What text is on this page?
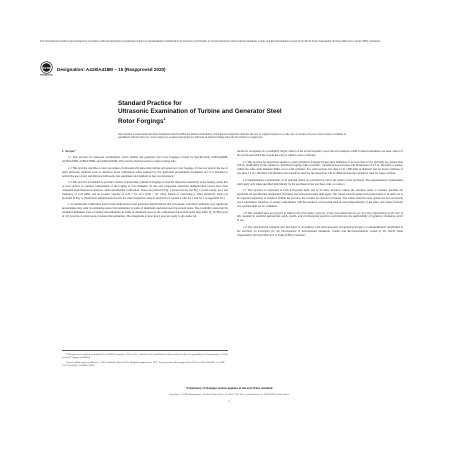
This international standard was developed in accordance with internationally recognized principles on standardization established in the Decision on Principles for the Development of International Standards, Guides and Recommendations issued by the World Trade Organization Technical Barriers to Trade (TBT) Committee.
ASTM
INTERNATIONAL
Designation: A418/A418M – 15 (Reapproved 2020)
Standard Practice for
Ultrasonic Examination of Turbine and Generator Steel
Rotor Forgings$^1$
This standard is issued under the fixed designation A418/A418M; the number immediately following the designation indicates the year of original adoption or, in the case of revision, the year of last revision. A number in parentheses indicates the year of last reapproval. A superscript epsilon (ε) indicates an editorial change since the last revision or reapproval.
1. Scope*

1.1 This practice for ultrasonic examination covers turbine and generator steel rotor forgings covered by Specifications A469/A469M, A470/A470M, A768/A768M, and A940/A940M. This practice shall be used for contact testing only.

1.2 This practice describes a basic procedure of ultrasonically inspecting turbine and generator rotor forgings. It does not restrict the use of other ultrasonic methods such as reference block calibrations when required by the applicable procurement documents nor is it intended to restrict the use of new and improved ultrasonic test equipment and methods as they are developed.

1.3 This practice is intended to provide a means of inspecting cylindrical forgings so that the inspection sensitivity at the forging center line or bore surface is constant, independent of the forging or bore diameter. To this end, inspection sensitivity multiplication factors have been computed from theoretical analyses, with experimental verification. These are plotted in Fig. 1 (bored rotors) and Fig. 2 (solid rotors), for a test frequency of 2.25 MHz, and an acoustic velocity of 2.30 × 10⁵ in./s (5.85 × 10⁵ cm/s). Means of converting to other sensitivity levels are provided in Fig. 3. (Sensitivity multiplication factors for other frequencies may be derived in accordance with X1.1 and X1.2 of Appendix X1.)

1.4 Considerable verification data for this method have been generated which indicate that even under controlled conditions very significant uncertainties may exist in estimating natural discontinuities in terms of minimum equivalent size flat-bottom holes. The possibility exists that the estimated minimum areas of natural discontinuities in terms of minimum areas of the comparison flat-bottom holes may differ by 20 dB (factor of 10) in terms of actual areas of natural discontinuities. This magnitude of inaccuracy does not apply to all results but

should be recognized as a possibility. Rigid control of the actual frequency used, the test bandpass width if tuned instruments are used, and/or of the search unit which the overall inaccuracy which is user to develop.

1.5 This practice for inspection applies to solid cylindrical forgings having outer diameters of not less than 2.5 in. [64 mm] nor greater than 100 in. [2540 mm]. It also applies to cylindrical forgings with concentric, cylindrical bores having wall thicknesses of 2.5 in. [64 mm] or greater, within the same outer diameter limits as for solid cylinders. For solid sections less than 15 in. [380 mm] in diameter and for bored cylinders of less than 7.5 in. [190 mm] wall thickness the transducer used for the inspection will be different than the transducer used for larger sections.

1.6 Supplementary requirements of an optional nature are provided for use at the option of the purchaser. The supplementary requirements shall apply only when specified individually by the purchaser in the purchase order or contract.

1.7 This practice is expressed in both inch-pound units and in SI units; however, unless the purchase order or contract specifies the applicable M specification designation (SI units), the inch-pound units shall apply. The values stated in either inch-pound units or SI units are to be regarded separately as standard. Within the practice, the SI units are shown in brackets. The values stated in each system are not necessarily exact equivalents; therefore, to ensure conformance with the standard, each system shall be used independently of the other, and values from the two systems shall not be combined.

1.8 This standard does not purport to address all of the safety concerns, if any, associated with its use. It is the responsibility of the user of this standard to establish appropriate safety, health, and environmental practices and determine the applicability of regulatory limitations prior to use.

1.9 This international standard was developed in accordance with internationally recognized principles on standardization established in the Decision on Principles for the Development of International Standards, Guides and Recommendations issued by the World Trade Organization Technical Barriers to Trade (TBT) Committee.

¹ This practice is under the jurisdiction of ASTM Committee A01 on Steel, Stainless Steel and Related Alloys and is the direct responsibility of Subcommittee A01.06 on Steel Forgings and Billets.

Current edition approved March 1, 2020. Published March 2020. Originally approved in 1957. Last previous edition approved in 2015 as A418/A418M – 15. DOI: 10.1520/A0418_A0418M-15R20.

*A Summary of Changes section appears at the end of this standard
Copyright © ASTM International, 100 Barr Harbor Drive, PO Box C700, West Conshohocken, PA 19428-2959. United States
1
